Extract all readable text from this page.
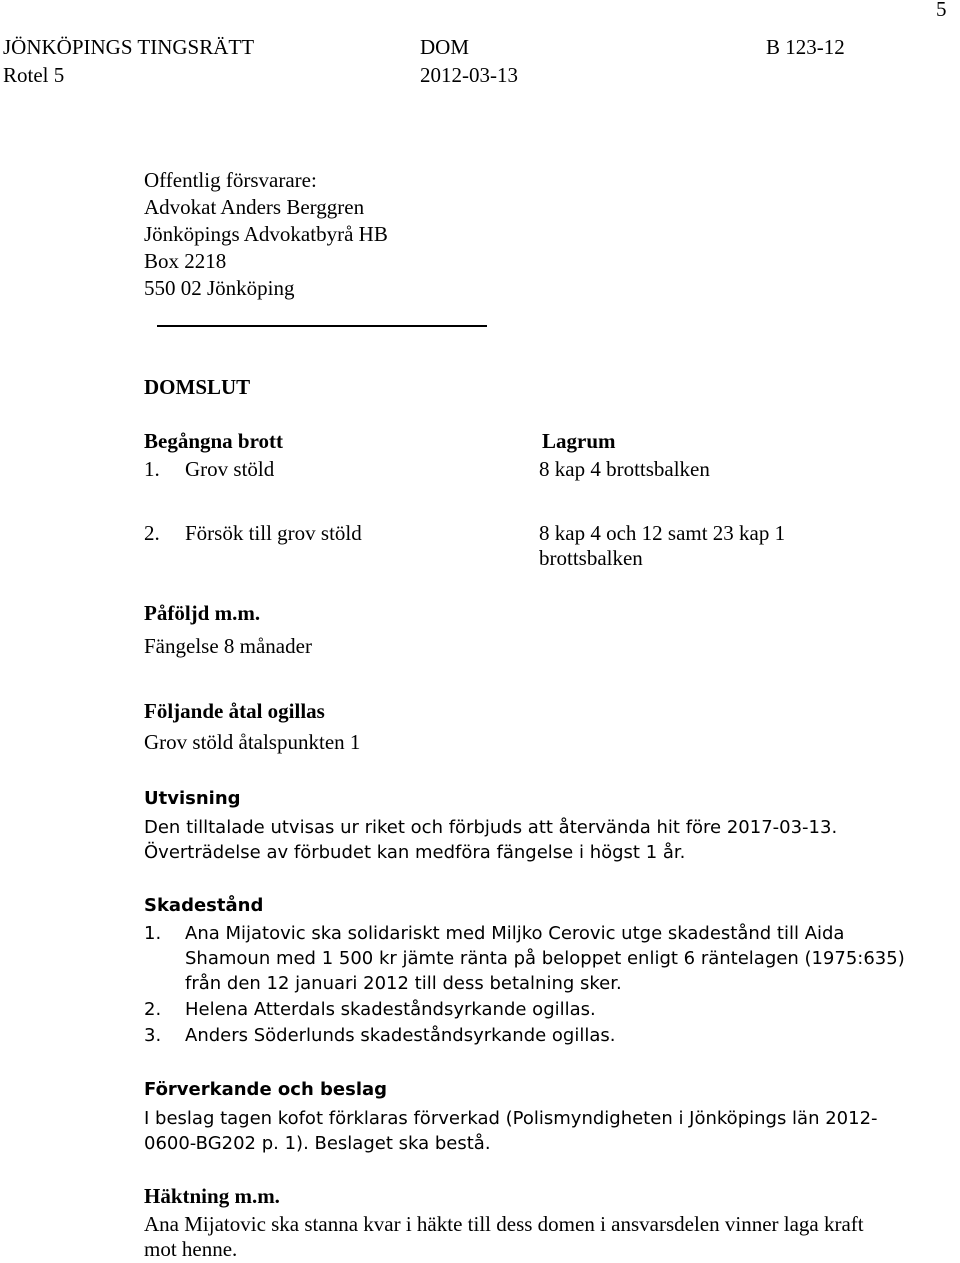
5
JÖNKÖPINGS TINGSRÄTT
Rotel 5
DOM
2012-03-13
B 123-12
Offentlig försvarare:
Advokat Anders Berggren
Jönköpings Advokatbyrå HB
Box 2218
550 02 Jönköping
DOMSLUT
Begångna brott	Lagrum
1. Grov stöld	8 kap 4 brottsbalken
2. Försök till grov stöld	8 kap 4 och 12 samt 23 kap 1
brottsbalken
Påföljd m.m.
Fängelse 8 månader
Följande åtal ogillas
Grov stöld åtalspunkten 1
Utvisning
Den tilltalade utvisas ur riket och förbjuds att återvända hit före 2017-03-13.
Överträdelse av förbudet kan medföra fängelse i högst 1 år.
Skadestånd
1. Ana Mijatovic ska solidariskt med Miljko Cerovic utge skadestånd till Aida
Shamoun med 1 500 kr jämte ränta på beloppet enligt 6 räntelagen (1975:635)
från den 12 januari 2012 till dess betalning sker.
2. Helena Atterdals skadeståndsyrkande ogillas.
3. Anders Söderlunds skadeståndsyrkande ogillas.
Förverkande och beslag
I beslag tagen kofot förklaras förverkad (Polismyndigheten i Jönköpings län 2012-
0600-BG202 p. 1). Beslaget ska bestå.
Häktning m.m.
Ana Mijatovic ska stanna kvar i häkte till dess domen i ansvarsdelen vinner laga kraft
mot henne.
